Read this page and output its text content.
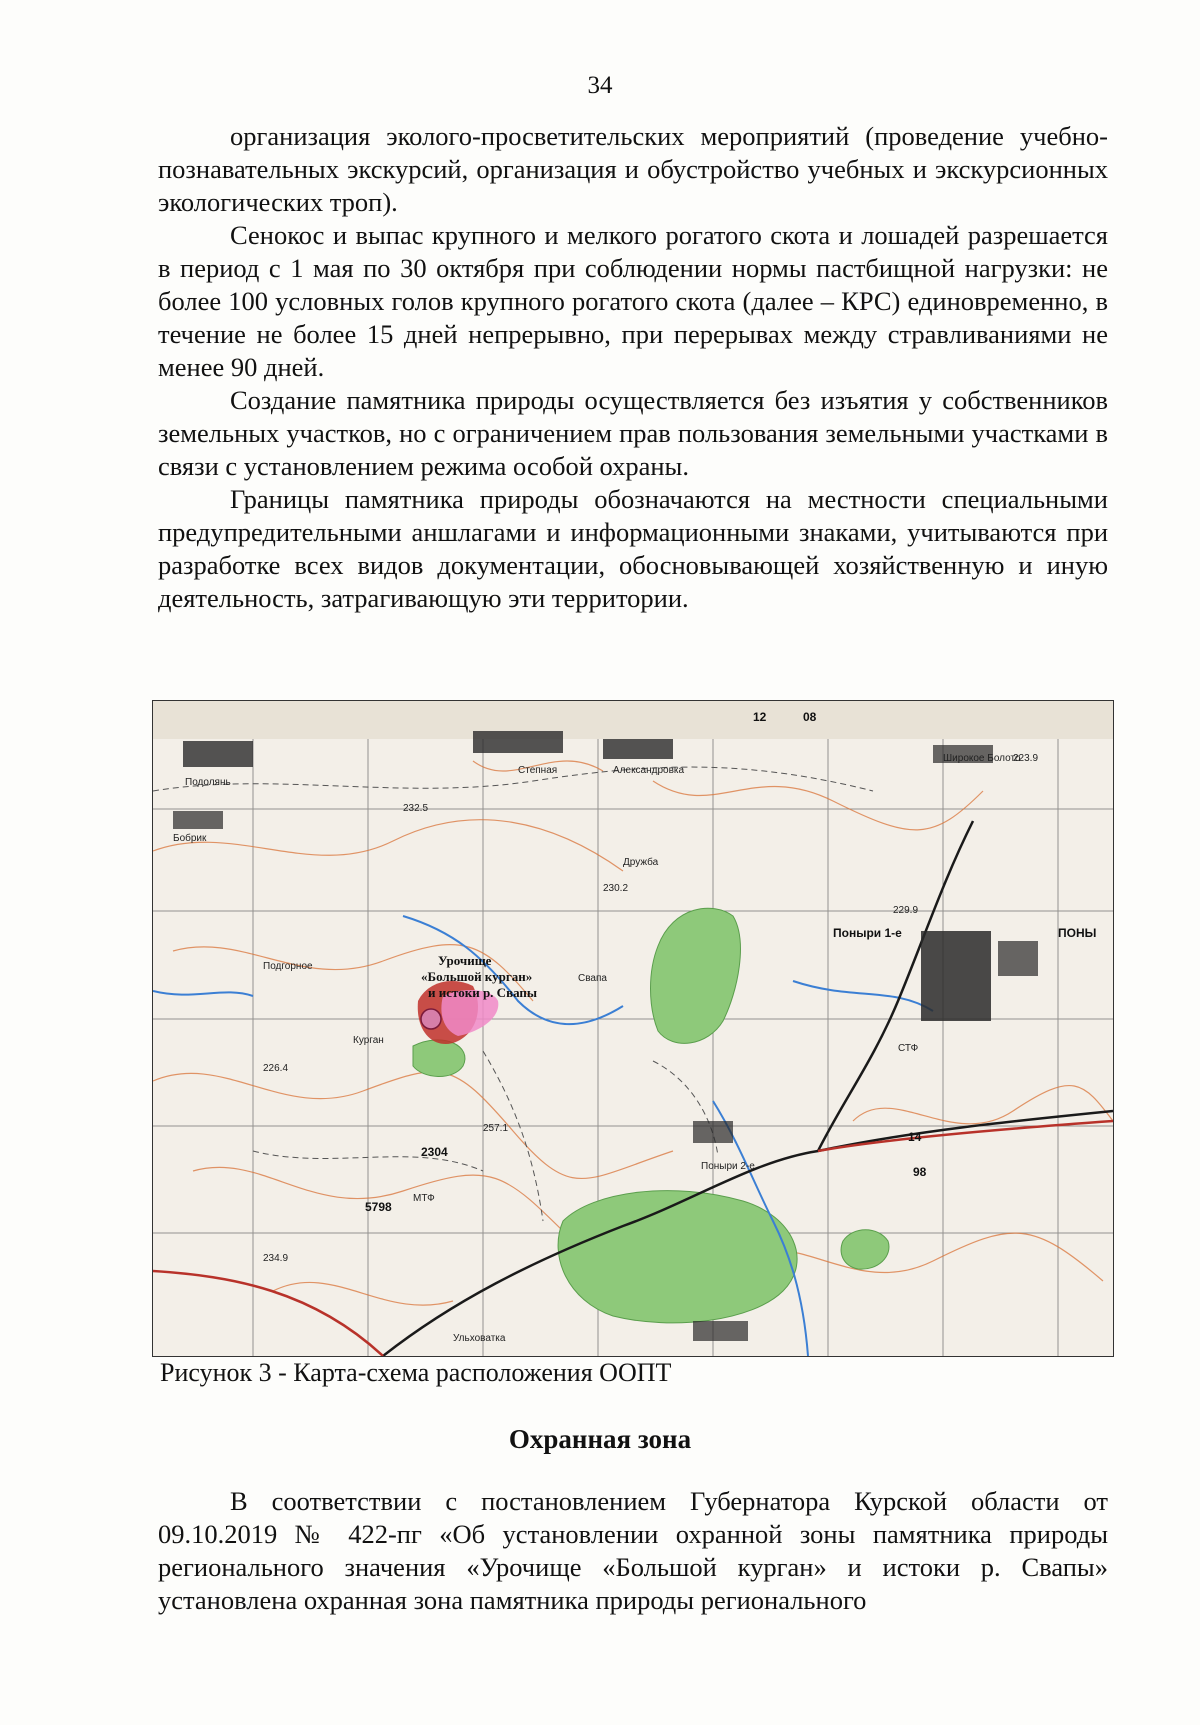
34

организация эколого-просветительских мероприятий (проведение учебно-познавательных экскурсий, организация и обустройство учебных и экскурсионных экологических троп).

Сенокос и выпас крупного и мелкого рогатого скота и лошадей разрешается в период с 1 мая по 30 октября при соблюдении нормы пастбищной нагрузки: не более 100 условных голов крупного рогатого скота (далее – КРС) единовременно, в течение не более 15 дней непрерывно, при перерывах между стравливаниями не менее 90 дней.

Создание памятника природы осуществляется без изъятия у собственников земельных участков, но с ограничением прав пользования земельными участками в связи с установлением режима особой охраны.

Границы памятника природы обозначаются на местности специальными предупредительными аншлагами и информационными знаками, учитываются при разработке всех видов документации, обосновывающей хозяйственную и иную деятельность, затрагивающую эти территории.

Урочище
«Большой курган»
и истоки р. Свапы
Поныри 1-е	ПОНЫ
Поныри 2-е
Широкое Болото
Подолянь
Бобрик
Ульховатка
Дружба
Курган
Свапа
Александровка
Степная
Подгорное
СТФ
МТФ
232.5
230.2
226.4
229.9
234.9
5798
2304
98
14
12	08
223.9
257.1
Рисунок 3 - Карта-схема расположения ООПТ
Охранная зона

В соответствии с постановлением Губернатора Курской области от 09.10.2019 № 422-пг «Об установлении охранной зоны памятника природы регионального значения «Урочище «Большой курган» и истоки р. Свапы» установлена охранная зона памятника природы регионального
